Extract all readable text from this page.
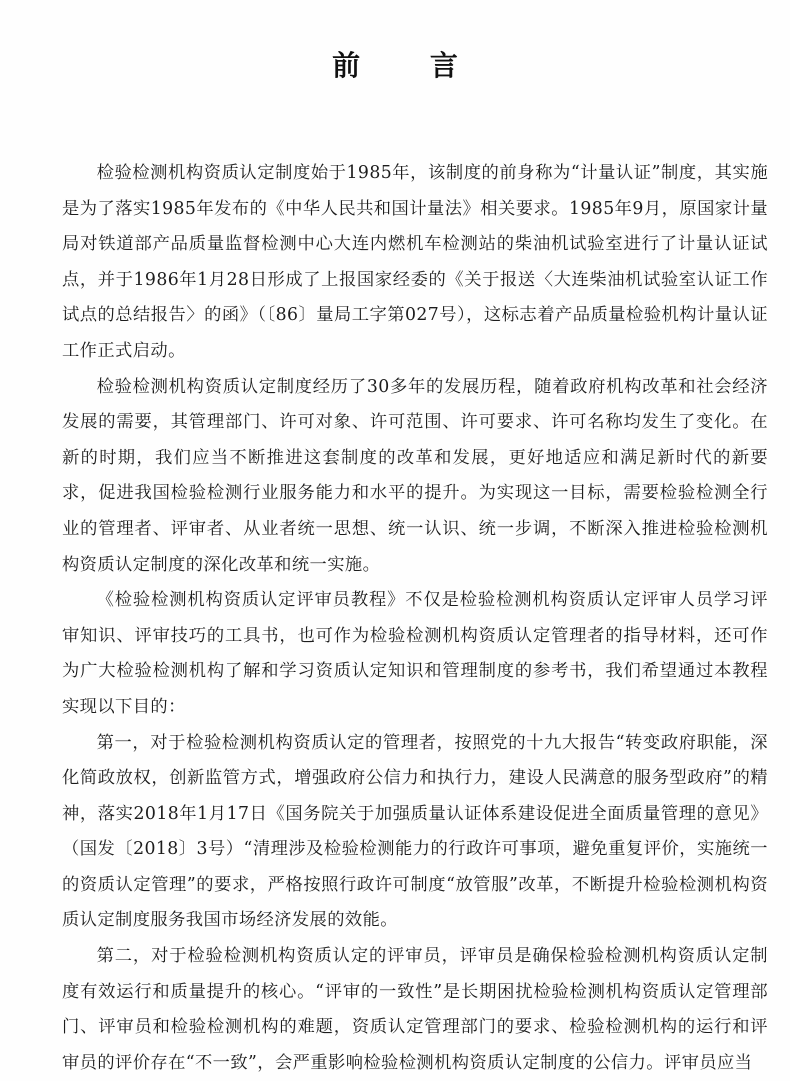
前 言

检验检测机构资质认定制度始于1985年，该制度的前身称为“计量认证”制度，其实施是为了落实1985年发布的《中华人民共和国计量法》相关要求。1985年9月，原国家计量局对铁道部产品质量监督检测中心大连内燃机车检测站的柴油机试验室进行了计量认证试点，并于1986年1月28日形成了上报国家经委的《关于报送〈大连柴油机试验室认证工作试点的总结报告〉的函》（〔86〕量局工字第027号），这标志着产品质量检验机构计量认证工作正式启动。

检验检测机构资质认定制度经历了30多年的发展历程，随着政府机构改革和社会经济发展的需要，其管理部门、许可对象、许可范围、许可要求、许可名称均发生了变化。在新的时期，我们应当不断推进这套制度的改革和发展，更好地适应和满足新时代的新要求，促进我国检验检测行业服务能力和水平的提升。为实现这一目标，需要检验检测全行业的管理者、评审者、从业者统一思想、统一认识、统一步调，不断深入推进检验检测机构资质认定制度的深化改革和统一实施。

《检验检测机构资质认定评审员教程》不仅是检验检测机构资质认定评审人员学习评审知识、评审技巧的工具书，也可作为检验检测机构资质认定管理者的指导材料，还可作为广大检验检测机构了解和学习资质认定知识和管理制度的参考书，我们希望通过本教程实现以下目的：

第一，对于检验检测机构资质认定的管理者，按照党的十九大报告“转变政府职能，深化简政放权，创新监管方式，增强政府公信力和执行力，建设人民满意的服务型政府”的精神，落实2018年1月17日《国务院关于加强质量认证体系建设促进全面质量管理的意见》（国发〔2018〕3号）“清理涉及检验检测能力的行政许可事项，避免重复评价，实施统一的资质认定管理”的要求，严格按照行政许可制度“放管服”改革，不断提升检验检测机构资质认定制度服务我国市场经济发展的效能。

第二，对于检验检测机构资质认定的评审员，评审员是确保检验检测机构资质认定制度有效运行和质量提升的核心。“评审的一致性”是长期困扰检验检测机构资质认定管理部门、评审员和检验检测机构的难题，资质认定管理部门的要求、检验检测机构的运行和评审员的评价存在“不一致”，会严重影响检验检测机构资质认定制度的公信力。评审员应当
